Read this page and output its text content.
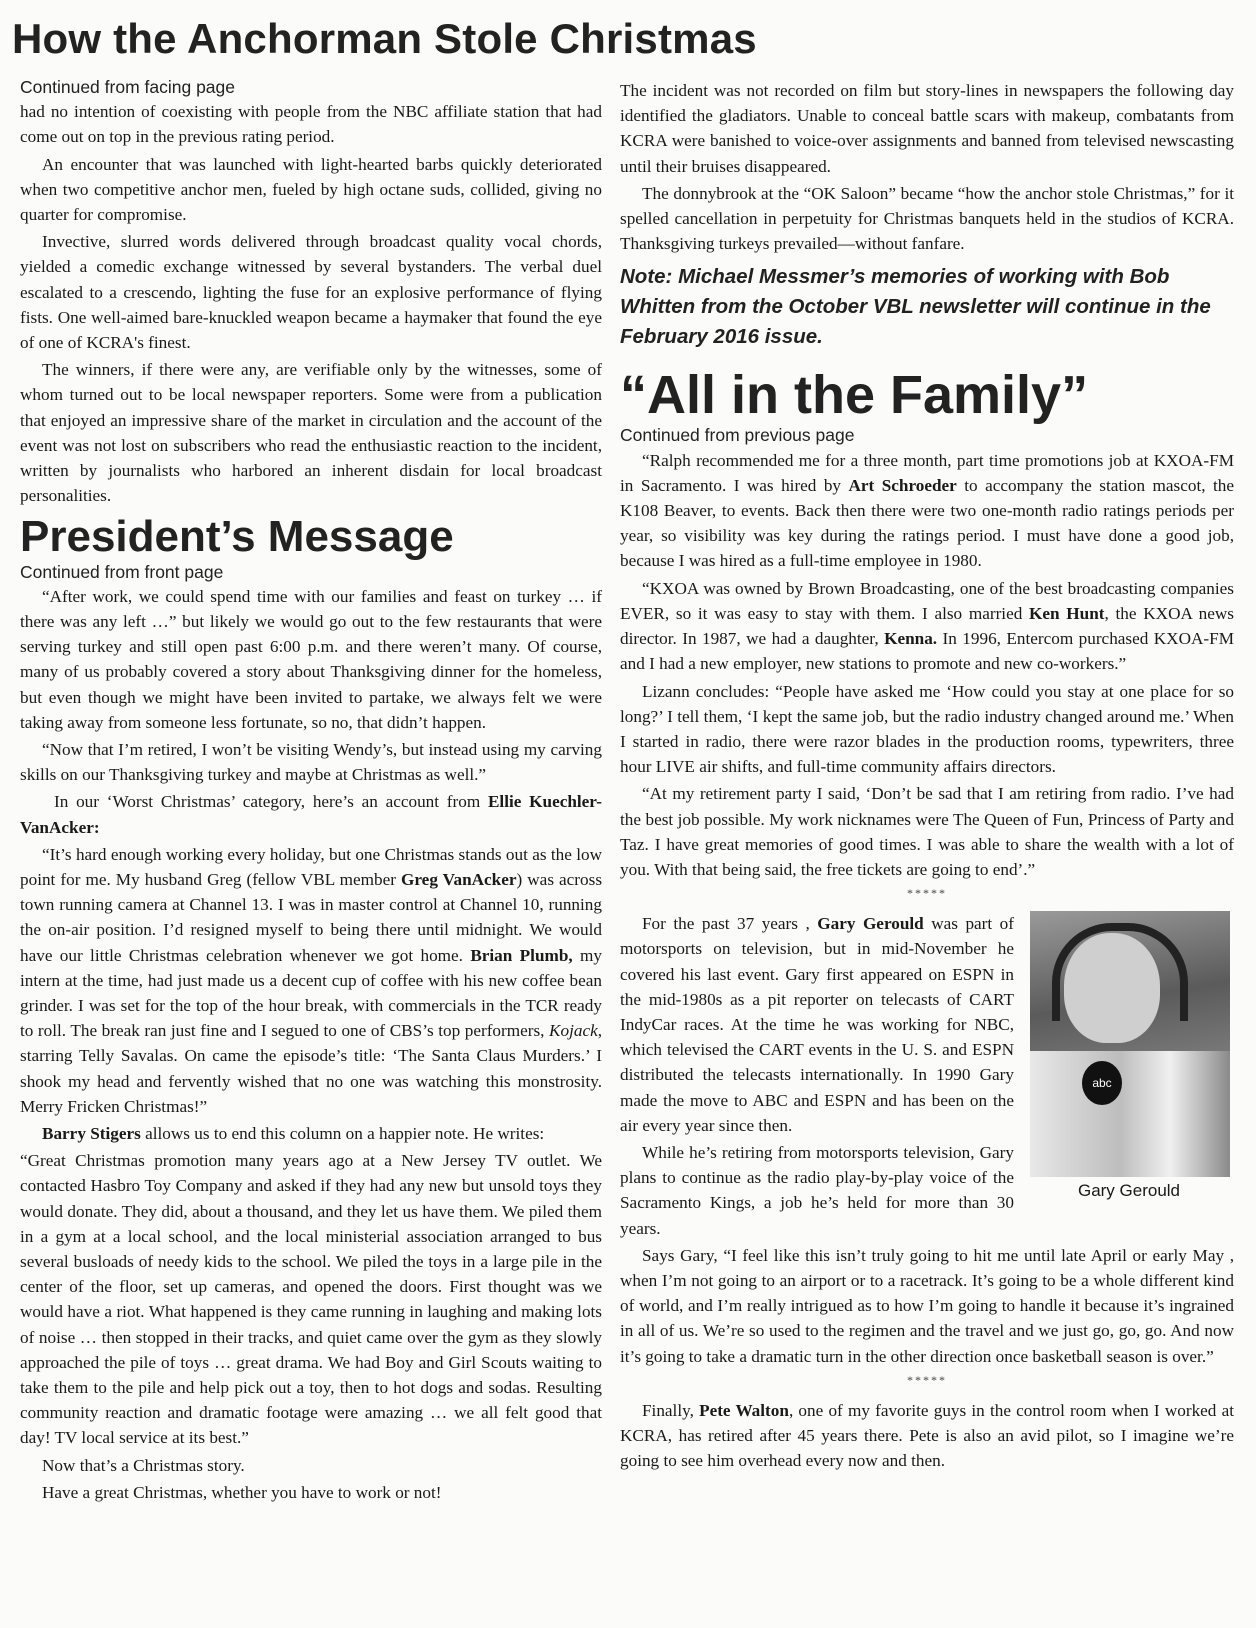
How the Anchorman Stole Christmas
Continued from facing page

had no intention of coexisting with people from the NBC affiliate station that had come out on top in the previous rating period.

An encounter that was launched with light-hearted barbs quickly deteriorated when two competitive anchor men, fueled by high octane suds, collided, giving no quarter for compromise.

Invective, slurred words delivered through broadcast quality vocal chords, yielded a comedic exchange witnessed by several bystanders. The verbal duel escalated to a crescendo, lighting the fuse for an explosive performance of flying fists. One well-aimed bare-knuckled weapon became a haymaker that found the eye of one of KCRA's finest.

The winners, if there were any, are verifiable only by the witnesses, some of whom turned out to be local newspaper reporters. Some were from a publication that enjoyed an impressive share of the market in circulation and the account of the event was not lost on subscribers who read the enthusiastic reaction to the incident, written by journalists who harbored an inherent disdain for local broadcast personalities.

President’s Message
Continued from front page

“After work, we could spend time with our families and feast on turkey … if there was any left …” but likely we would go out to the few restaurants that were serving turkey and still open past 6:00 p.m. and there weren’t many. Of course, many of us probably covered a story about Thanksgiving dinner for the homeless, but even though we might have been invited to partake, we always felt we were taking away from someone less fortunate, so no, that didn’t happen.

“Now that I’m retired, I won’t be visiting Wendy’s, but instead using my carving skills on our Thanksgiving turkey and maybe at Christmas as well.”

In our ‘Worst Christmas’ category, here’s an account from Ellie Kuechler-VanAcker:

“It’s hard enough working every holiday, but one Christmas stands out as the low point for me. My husband Greg (fellow VBL member Greg VanAcker) was across town running camera at Channel 13. I was in master control at Channel 10, running the on-air position. I’d resigned myself to being there until midnight. We would have our little Christmas celebration whenever we got home. Brian Plumb, my intern at the time, had just made us a decent cup of coffee with his new coffee bean grinder. I was set for the top of the hour break, with commercials in the TCR ready to roll. The break ran just fine and I segued to one of CBS’s top performers, Kojack, starring Telly Savalas. On came the episode’s title: ‘The Santa Claus Murders.’ I shook my head and fervently wished that no one was watching this monstrosity. Merry Fricken Christmas!”

Barry Stigers allows us to end this column on a happier note. He writes:

“Great Christmas promotion many years ago at a New Jersey TV outlet. We contacted Hasbro Toy Company and asked if they had any new but unsold toys they would donate. They did, about a thousand, and they let us have them. We piled them in a gym at a local school, and the local ministerial association arranged to bus several busloads of needy kids to the school. We piled the toys in a large pile in the center of the floor, set up cameras, and opened the doors. First thought was we would have a riot. What happened is they came running in laughing and making lots of noise … then stopped in their tracks, and quiet came over the gym as they slowly approached the pile of toys … great drama. We had Boy and Girl Scouts waiting to take them to the pile and help pick out a toy, then to hot dogs and sodas. Resulting community reaction and dramatic footage were amazing … we all felt good that day! TV local service at its best.”

Now that’s a Christmas story.

Have a great Christmas, whether you have to work or not!

The incident was not recorded on film but story-lines in newspapers the following day identified the gladiators. Unable to conceal battle scars with makeup, combatants from KCRA were banished to voice-over assignments and banned from televised newscasting until their bruises disappeared.

The donnybrook at the “OK Saloon” became “how the anchor stole Christmas,” for it spelled cancellation in perpetuity for Christmas banquets held in the studios of KCRA. Thanksgiving turkeys prevailed—without fanfare.

Note: Michael Messmer’s memories of working with Bob Whitten from the October VBL newsletter will continue in the February 2016 issue.
“All in the Family”
Continued from previous page

“Ralph recommended me for a three month, part time promotions job at KXOA-FM in Sacramento. I was hired by Art Schroeder to accompany the station mascot, the K108 Beaver, to events. Back then there were two one-month radio ratings periods per year, so visibility was key during the ratings period. I must have done a good job, because I was hired as a full-time employee in 1980.

“KXOA was owned by Brown Broadcasting, one of the best broadcasting companies EVER, so it was easy to stay with them. I also married Ken Hunt, the KXOA news director. In 1987, we had a daughter, Kenna. In 1996, Entercom purchased KXOA-FM and I had a new employer, new stations to promote and new co-workers.”

Lizann concludes: “People have asked me ‘How could you stay at one place for so long?’ I tell them, ‘I kept the same job, but the radio industry changed around me.’ When I started in radio, there were razor blades in the production rooms, typewriters, three hour LIVE air shifts, and full-time community affairs directors.

“At my retirement party I said, ‘Don’t be sad that I am retiring from radio. I’ve had the best job possible. My work nicknames were The Queen of Fun, Princess of Party and Taz. I have great memories of good times. I was able to share the wealth with a lot of you. With that being said, the free tickets are going to end’.”

*****
abc
Gary Gerould

For the past 37 years , Gary Gerould was part of motorsports on television, but in mid-November he covered his last event. Gary first appeared on ESPN in the mid-1980s as a pit reporter on telecasts of CART IndyCar races. At the time he was working for NBC, which televised the CART events in the U. S. and ESPN distributed the telecasts internationally. In 1990 Gary made the move to ABC and ESPN and has been on the air every year since then.

While he’s retiring from motorsports television, Gary plans to continue as the radio play-by-play voice of the Sacramento Kings, a job he’s held for more than 30 years.

Says Gary, “I feel like this isn’t truly going to hit me until late April or early May , when I’m not going to an airport or to a racetrack. It’s going to be a whole different kind of world, and I’m really intrigued as to how I’m going to handle it because it’s ingrained in all of us. We’re so used to the regimen and the travel and we just go, go, go. And now it’s going to take a dramatic turn in the other direction once basketball season is over.”

*****

Finally, Pete Walton, one of my favorite guys in the control room when I worked at KCRA, has retired after 45 years there. Pete is also an avid pilot, so I imagine we’re going to see him overhead every now and then.
